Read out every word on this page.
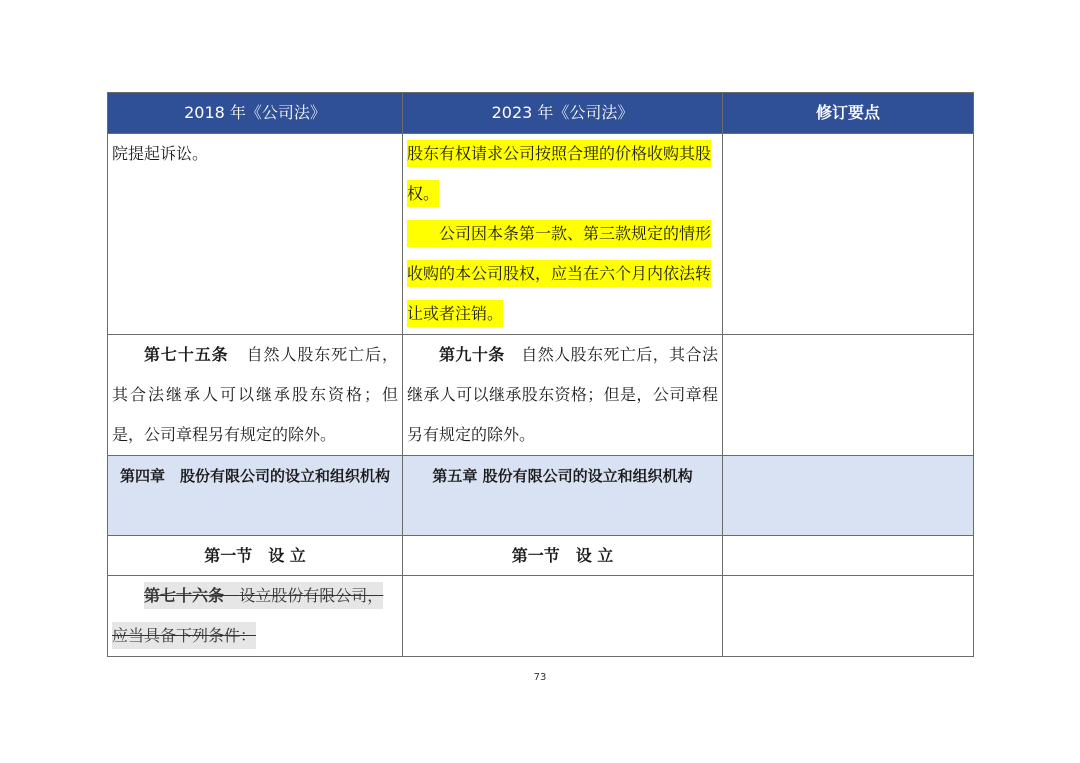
2018 年《公司法》	2023 年《公司法》	修订要点

院提起诉讼。	股东有权请求公司按照合理的价格收购其股权。

公司因本条第一款、第三款规定的情形收购的本公司股权，应当在六个月内依法转让或者注销。	

第七十五条 自然人股东死亡后，其合法继承人可以继承股东资格；但是，公司章程另有规定的除外。	第九十条 自然人股东死亡后，其合法继承人可以继承股东资格；但是，公司章程另有规定的除外。	

第四章　股份有限公司的设立和组织机构	第五章 股份有限公司的设立和组织机构	

第一节　设 立	第一节　设 立	

第七十六条 设立股份有限公司，应当具备下列条件：		

73
